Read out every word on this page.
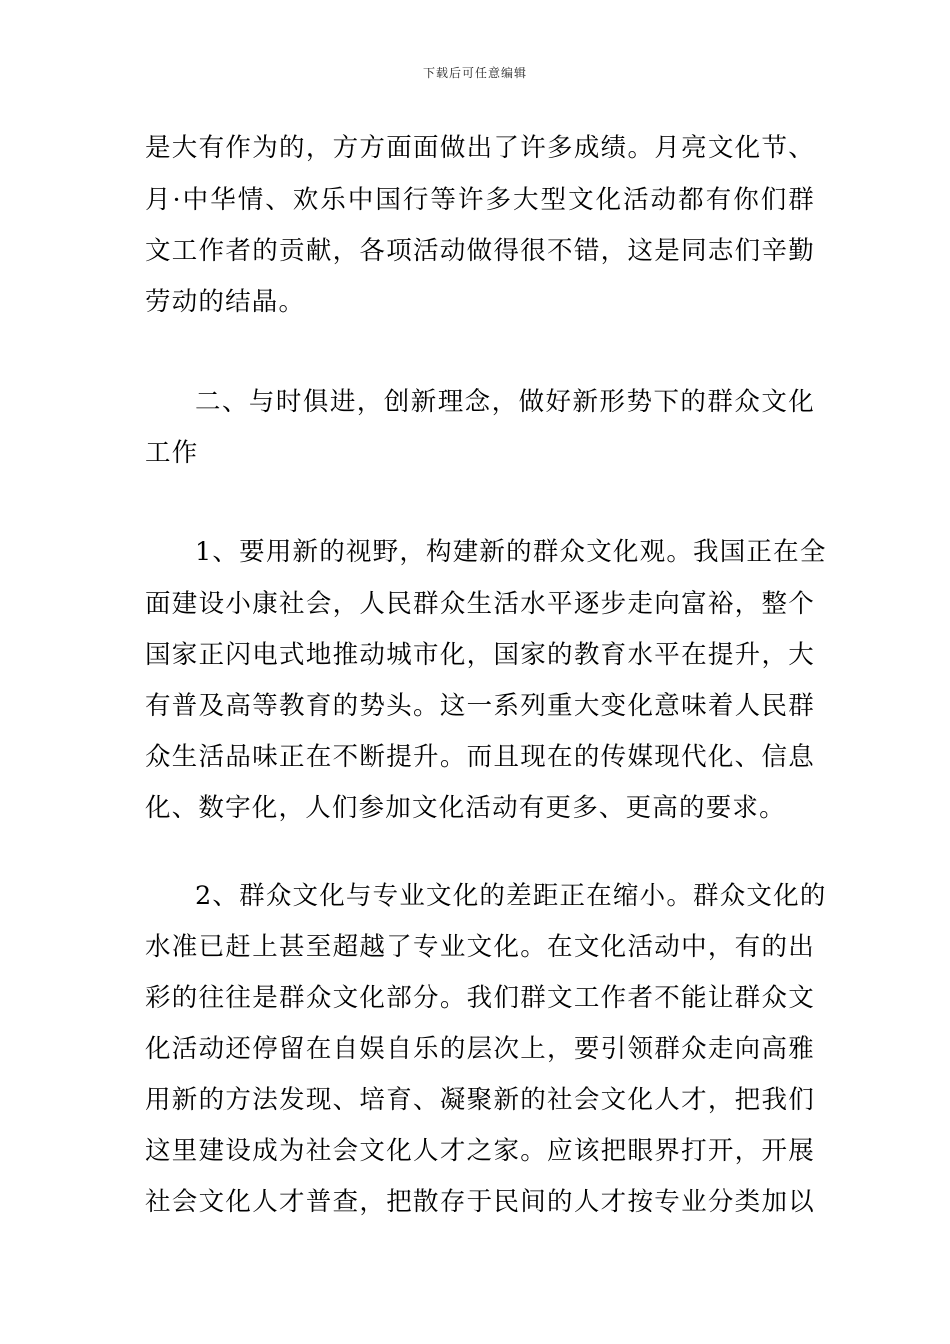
下载后可任意编辑
是大有作为的，方方面面做出了许多成绩。月亮文化节、
月·中华情、欢乐中国行等许多大型文化活动都有你们群
文工作者的贡献，各项活动做得很不错，这是同志们辛勤
劳动的结晶。
二、与时俱进，创新理念，做好新形势下的群众文化
工作
1、要用新的视野，构建新的群众文化观。我国正在全
面建设小康社会，人民群众生活水平逐步走向富裕，整个
国家正闪电式地推动城市化，国家的教育水平在提升，大
有普及高等教育的势头。这一系列重大变化意味着人民群
众生活品味正在不断提升。而且现在的传媒现代化、信息
化、数字化，人们参加文化活动有更多、更高的要求。
2、群众文化与专业文化的差距正在缩小。群众文化的
水准已赶上甚至超越了专业文化。在文化活动中，有的出
彩的往往是群众文化部分。我们群文工作者不能让群众文
化活动还停留在自娱自乐的层次上，要引领群众走向高雅
用新的方法发现、培育、凝聚新的社会文化人才，把我们
这里建设成为社会文化人才之家。应该把眼界打开，开展
社会文化人才普查，把散存于民间的人才按专业分类加以
